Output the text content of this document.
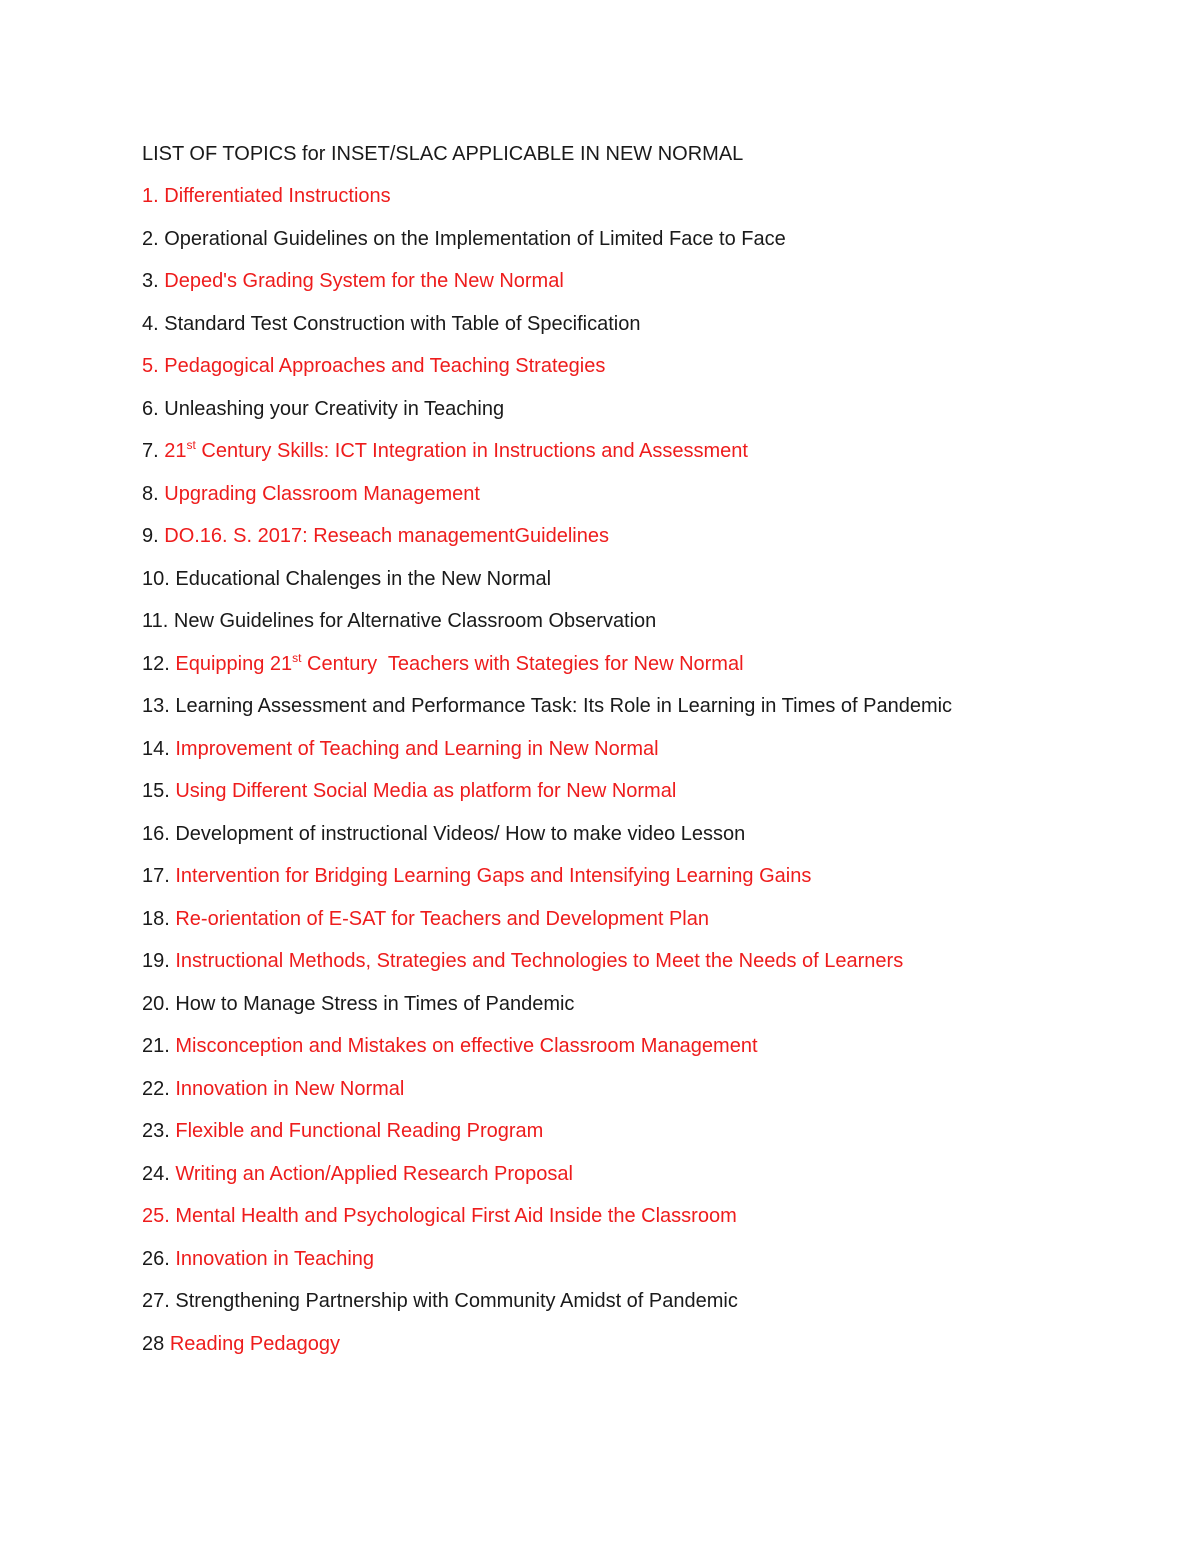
LIST OF TOPICS for INSET/SLAC APPLICABLE IN NEW NORMAL
1. Differentiated Instructions
2. Operational Guidelines on the Implementation of Limited Face to Face
3. Deped's Grading System for the New Normal
4. Standard Test Construction with Table of Specification
5. Pedagogical Approaches and Teaching Strategies
6. Unleashing your Creativity in Teaching
7. 21st Century Skills: ICT Integration in Instructions and Assessment
8. Upgrading Classroom Management
9. DO.16. S. 2017: Reseach managementGuidelines
10. Educational Chalenges in the New Normal
11. New Guidelines for Alternative Classroom Observation
12. Equipping 21st Century  Teachers with Stategies for New Normal
13. Learning Assessment and Performance Task: Its Role in Learning in Times of Pandemic
14. Improvement of Teaching and Learning in New Normal
15. Using Different Social Media as platform for New Normal
16. Development of instructional Videos/ How to make video Lesson
17. Intervention for Bridging Learning Gaps and Intensifying Learning Gains
18. Re-orientation of E-SAT for Teachers and Development Plan
19. Instructional Methods, Strategies and Technologies to Meet the Needs of Learners
20. How to Manage Stress in Times of Pandemic
21. Misconception and Mistakes on effective Classroom Management
22. Innovation in New Normal
23. Flexible and Functional Reading Program
24. Writing an Action/Applied Research Proposal
25. Mental Health and Psychological First Aid Inside the Classroom
26. Innovation in Teaching
27. Strengthening Partnership with Community Amidst of Pandemic
28 Reading Pedagogy
